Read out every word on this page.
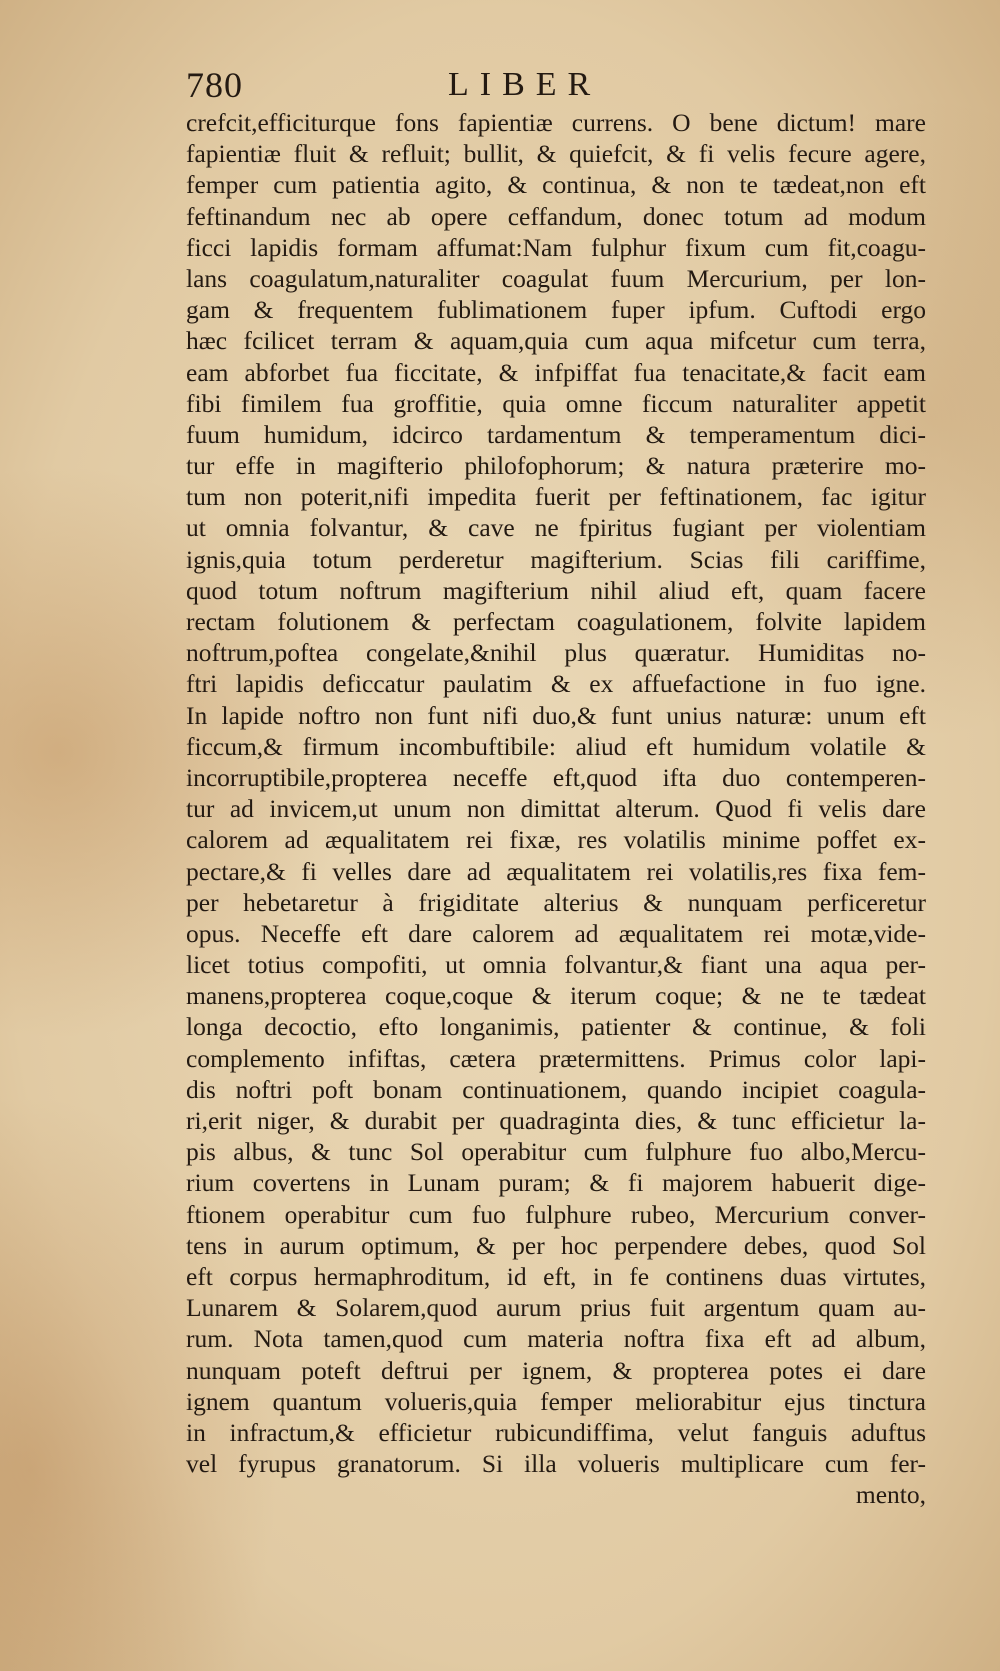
780	LIBER
crefcit,efficiturque fons fapientiæ currens. O bene dictum! mare
fapientiæ fluit & refluit; bullit, & quiefcit, & fi velis fecure agere,
femper cum patientia agito, & continua, & non te tædeat,non eft
feftinandum nec ab opere ceffandum, donec totum ad modum
ficci lapidis formam affumat:Nam fulphur fixum cum fit,coagu-
lans coagulatum,naturaliter coagulat fuum Mercurium, per lon-
gam & frequentem fublimationem fuper ipfum. Cuftodi ergo
hæc fcilicet terram & aquam,quia cum aqua mifcetur cum terra,
eam abforbet fua ficcitate, & infpiffat fua tenacitate,& facit eam
fibi fimilem fua groffitie, quia omne ficcum naturaliter appetit
fuum humidum, idcirco tardamentum & temperamentum dici-
tur effe in magifterio philofophorum; & natura præterire mo-
tum non poterit,nifi impedita fuerit per feftinationem, fac igitur
ut omnia folvantur, & cave ne fpiritus fugiant per violentiam
ignis,quia totum perderetur magifterium. Scias fili cariffime,
quod totum noftrum magifterium nihil aliud eft, quam facere
rectam folutionem & perfectam coagulationem, folvite lapidem
noftrum,poftea congelate,&nihil plus quæratur. Humiditas no-
ftri lapidis deficcatur paulatim & ex affuefactione in fuo igne.
In lapide noftro non funt nifi duo,& funt unius naturæ: unum eft
ficcum,& firmum incombuftibile: aliud eft humidum volatile &
incorruptibile,propterea neceffe eft,quod ifta duo contemperen-
tur ad invicem,ut unum non dimittat alterum. Quod fi velis dare
calorem ad æqualitatem rei fixæ, res volatilis minime poffet ex-
pectare,& fi velles dare ad æqualitatem rei volatilis,res fixa fem-
per hebetaretur à frigiditate alterius & nunquam perficeretur
opus. Neceffe eft dare calorem ad æqualitatem rei motæ,vide-
licet totius compofiti, ut omnia folvantur,& fiant una aqua per-
manens,propterea coque,coque & iterum coque; & ne te tædeat
longa decoctio, efto longanimis, patienter & continue, & foli
complemento infiftas, cætera prætermittens. Primus color lapi-
dis noftri poft bonam continuationem, quando incipiet coagula-
ri,erit niger, & durabit per quadraginta dies, & tunc efficietur la-
pis albus, & tunc Sol operabitur cum fulphure fuo albo,Mercu-
rium covertens in Lunam puram; & fi majorem habuerit dige-
ftionem operabitur cum fuo fulphure rubeo, Mercurium conver-
tens in aurum optimum, & per hoc perpendere debes, quod Sol
eft corpus hermaphroditum, id eft, in fe continens duas virtutes,
Lunarem & Solarem,quod aurum prius fuit argentum quam au-
rum. Nota tamen,quod cum materia noftra fixa eft ad album,
nunquam poteft deftrui per ignem, & propterea potes ei dare
ignem quantum volueris,quia femper meliorabitur ejus tinctura
in infractum,& efficietur rubicundiffima, velut fanguis aduftus
vel fyrupus granatorum. Si illa volueris multiplicare cum fer-
mento,
